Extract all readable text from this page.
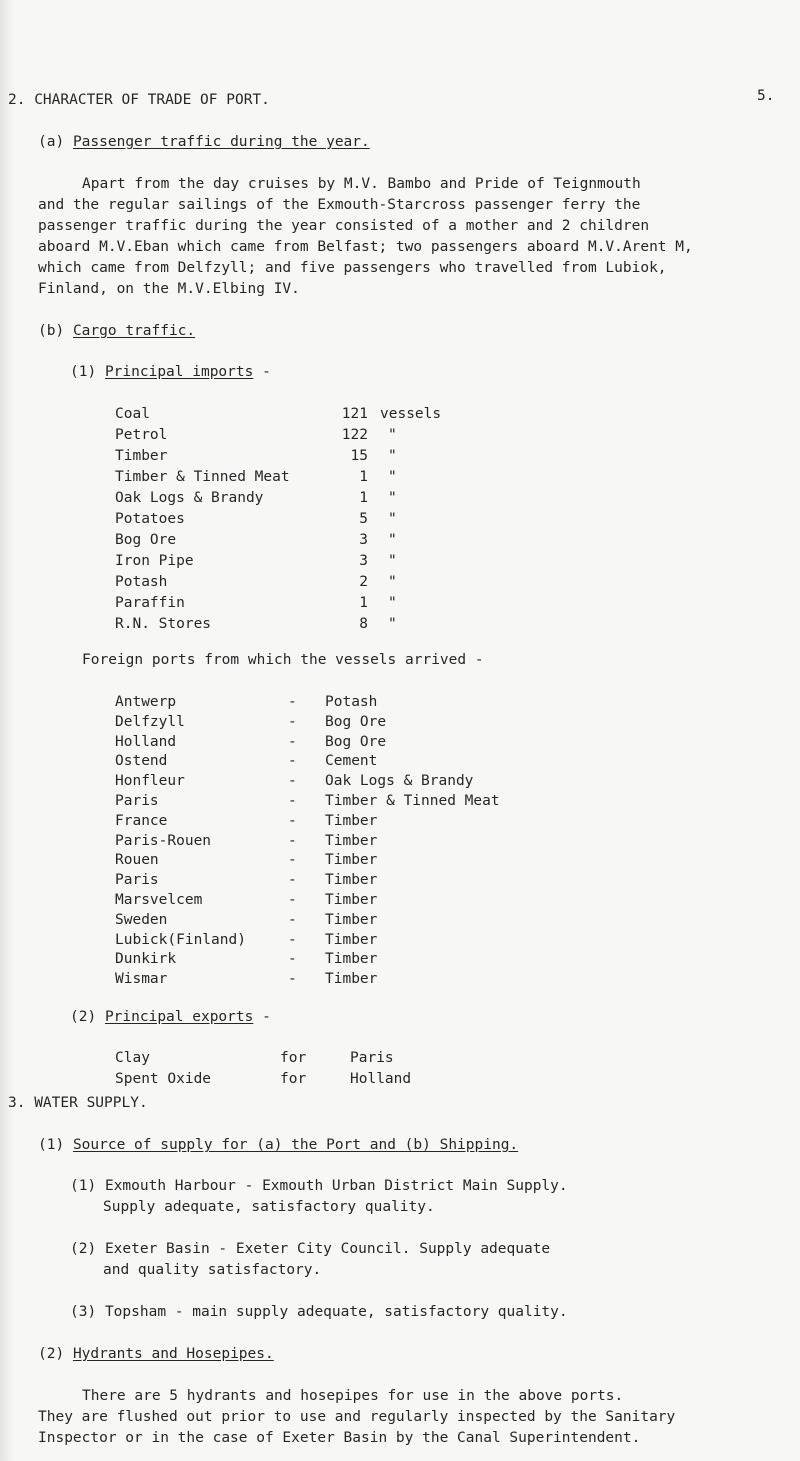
5.
2. CHARACTER OF TRADE OF PORT.
(a) Passenger traffic during the year.
Apart from the day cruises by M.V. Bambo and Pride of Teignmouth
and the regular sailings of the Exmouth-Starcross passenger ferry the
passenger traffic during the year consisted of a mother and 2 children
aboard M.V.Eban which came from Belfast; two passengers aboard M.V.Arent M,
which came from Delfzyll; and five passengers who travelled from Lubiok,
Finland, on the M.V.Elbing IV.
(b) Cargo traffic.
(1) Principal imports -
Coal	121 vessels
Petrol	122 "
Timber	15 "
Timber & Tinned Meat	1 "
Oak Logs & Brandy	1 "
Potatoes	5 "
Bog Ore	3 "
Iron Pipe	3 "
Potash	2 "
Paraffin	1 "
R.N. Stores	8 "
Foreign ports from which the vessels arrived -
Antwerp	- Potash
Delfzyll	- Bog Ore
Holland	- Bog Ore
Ostend	- Cement
Honfleur	- Oak Logs & Brandy
Paris	- Timber & Tinned Meat
France	- Timber
Paris-Rouen	- Timber
Rouen	- Timber
Paris	- Timber
Marsvelcem	- Timber
Sweden	- Timber
Lubick(Finland)	- Timber
Dunkirk	- Timber
Wismar	- Timber
(2) Principal exports -
Clay	for	Paris
Spent Oxide	for	Holland
3. WATER SUPPLY.
(1) Source of supply for (a) the Port and (b) Shipping.
(1) Exmouth Harbour - Exmouth Urban District Main Supply.
Supply adequate, satisfactory quality.
(2) Exeter Basin - Exeter City Council. Supply adequate
and quality satisfactory.
(3) Topsham - main supply adequate, satisfactory quality.
(2) Hydrants and Hosepipes.
There are 5 hydrants and hosepipes for use in the above ports.
They are flushed out prior to use and regularly inspected by the Sanitary
Inspector or in the case of Exeter Basin by the Canal Superintendent.
